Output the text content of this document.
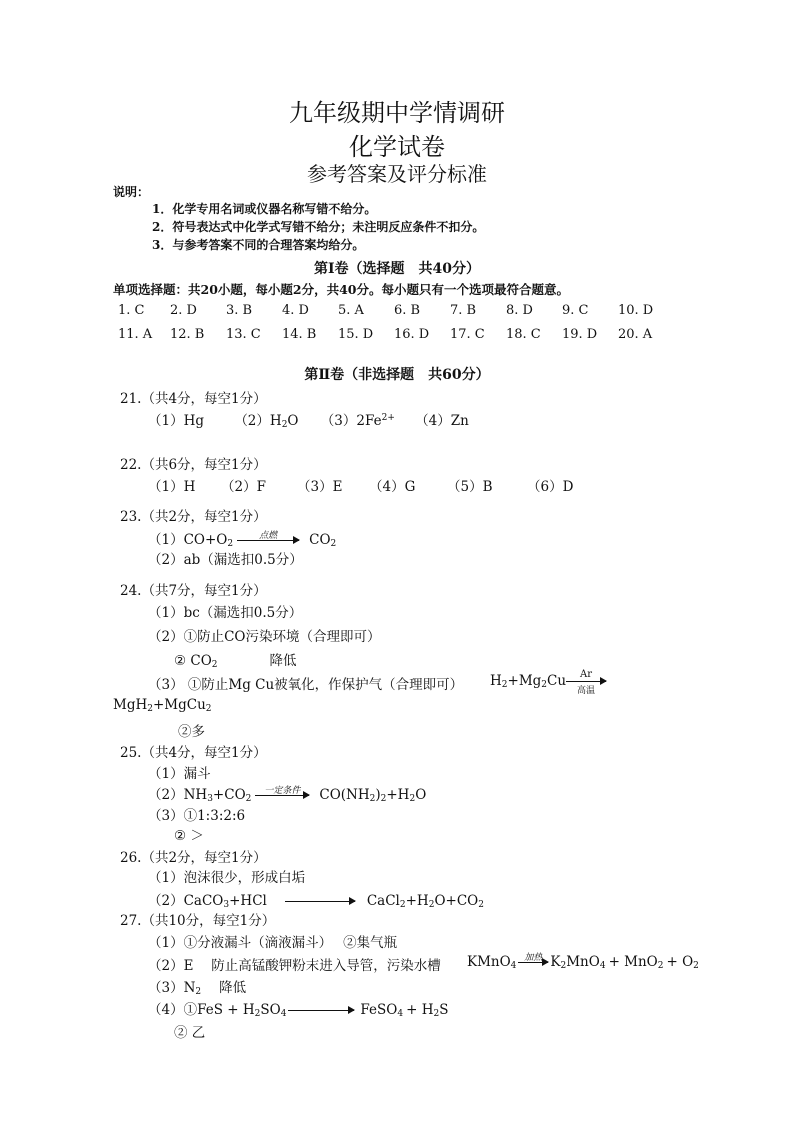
九年级期中学情调研
化学试卷
参考答案及评分标准
说明：
1．化学专用名词或仪器名称写错不给分。
2．符号表达式中化学式写错不给分；未注明反应条件不扣分。
3．与参考答案不同的合理答案均给分。
第Ⅰ卷（选择题　共40分）
单项选择题：共20小题，每小题2分，共40分。每小题只有一个选项最符合题意。
1. C 2. D 3. B 4. D 5. A 6. B 7. B 8. D 9. C 10. D
11. A 12. B 13. C 14. B 15. D 16. D 17. C 18. C 19. D 20. A
第Ⅱ卷（非选择题　共60分）
21.（共4分，每空1分）
（1）Hg $(2)H_2O$ $(3)2Fe^{2+}$ （4）Zn
22.（共6分，每空1分）
（1）H （2）F （3）E （4）G （5）B	（6）D
23.（共2分，每空1分）
$(1)CO+O_2$
点燃	$CO_2$
（2）ab（漏选扣0.5分）
24.（共7分，每空1分）
（1）bc（漏选扣0.5分）
（2）①防止CO污染环境（合理即可）
② $CO_2$	降低
（3） ①防止Mg Cu被氧化，作保护气（合理即可） $H_2+Mg_2Cu$	Ar
高温
MgH$_2$+MgCu$_2$
②多
25.（共4分，每空1分）
（1）漏斗
$(2)NH_3+CO_2$
一定条件	$CO(NH_2)_2+H_2O$
（3）①1:3:2:6
② ＞
26.（共2分，每空1分）
（1）泡沫很少，形成白垢
（2）CaCO$_3$+HCl	$CaCl_2+H_2O+CO_2$
27.（共10分，每空1分）
（1）①分液漏斗（滴液漏斗）　 ②集气瓶
（2）E　 防止高锰酸钾粉末进入导管，污染水槽 KMnO$_4$
加热 $K_2MnO_4 + MnO_2 + O_2$
$(3)N_2$ 降低
（4）①FeS + $H_2SO_4$	FeSO$_4$ + $H_2S$
② 乙
